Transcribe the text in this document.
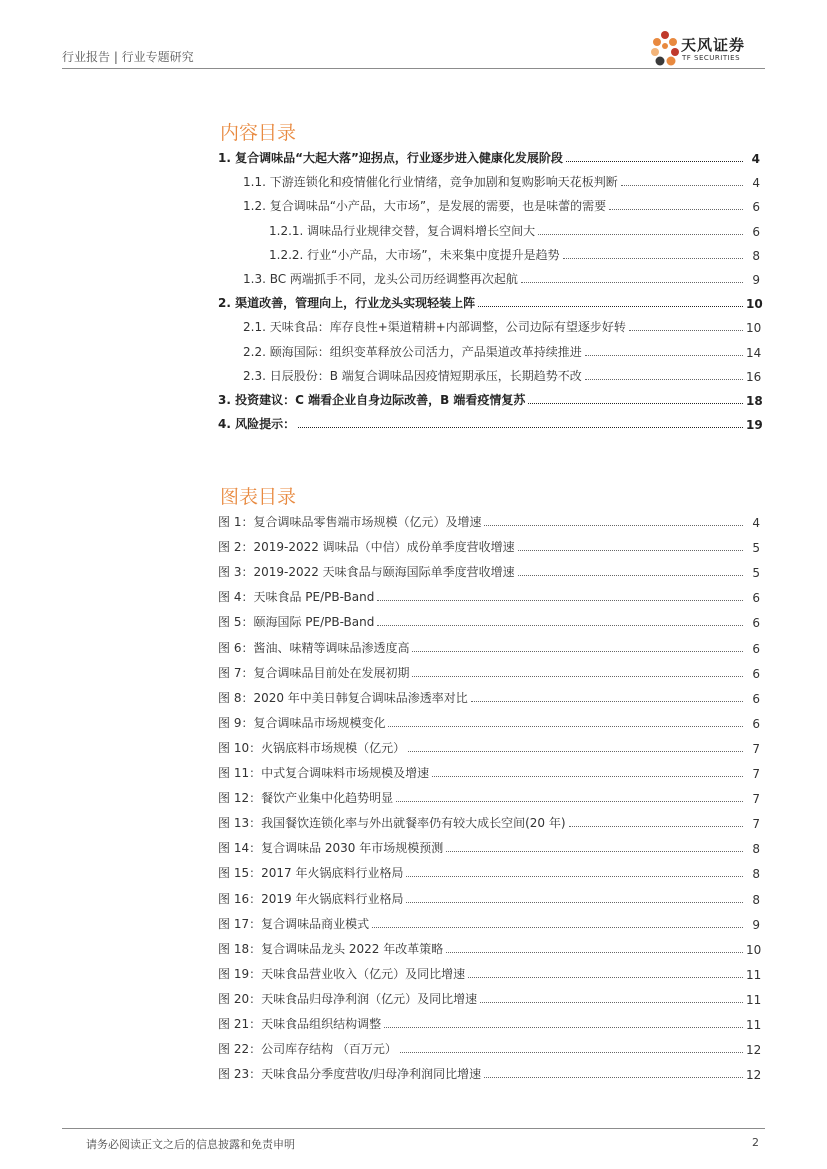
行业报告 | 行业专题研究
天风证券
TF SECURITIES
内容目录
1. 复合调味品“大起大落”迎拐点，行业逐步进入健康化发展阶段	4
1.1. 下游连锁化和疫情催化行业情绪，竞争加剧和复购影响天花板判断	4
1.2. 复合调味品“小产品，大市场”，是发展的需要，也是味蕾的需要	6
1.2.1. 调味品行业规律交替，复合调料增长空间大	6
1.2.2. 行业“小产品，大市场”，未来集中度提升是趋势	8
1.3. BC 两端抓手不同，龙头公司历经调整再次起航	9
2. 渠道改善，管理向上，行业龙头实现轻装上阵	10
2.1. 天味食品：库存良性+渠道精耕+内部调整，公司边际有望逐步好转	10
2.2. 颐海国际：组织变革释放公司活力，产品渠道改革持续推进	14
2.3. 日辰股份：B 端复合调味品因疫情短期承压，长期趋势不改	16
3. 投资建议：C 端看企业自身边际改善，B 端看疫情复苏	18
4. 风险提示：	19
图表目录
图 1：复合调味品零售端市场规模（亿元）及增速	4
图 2：2019-2022 调味品（中信）成份单季度营收增速	5
图 3：2019-2022 天味食品与颐海国际单季度营收增速	5
图 4：天味食品 PE/PB-Band	6
图 5：颐海国际 PE/PB-Band	6
图 6：酱油、味精等调味品渗透度高	6
图 7：复合调味品目前处在发展初期	6
图 8：2020 年中美日韩复合调味品渗透率对比	6
图 9：复合调味品市场规模变化	6
图 10：火锅底料市场规模（亿元）	7
图 11：中式复合调味料市场规模及增速	7
图 12：餐饮产业集中化趋势明显	7
图 13：我国餐饮连锁化率与外出就餐率仍有较大成长空间(20 年)	7
图 14：复合调味品 2030 年市场规模预测	8
图 15：2017 年火锅底料行业格局	8
图 16：2019 年火锅底料行业格局	8
图 17：复合调味品商业模式	9
图 18：复合调味品龙头 2022 年改革策略	10
图 19：天味食品营业收入（亿元）及同比增速	11
图 20：天味食品归母净利润（亿元）及同比增速	11
图 21：天味食品组织结构调整	11
图 22：公司库存结构 （百万元）	12
图 23：天味食品分季度营收/归母净利润同比增速	12
请务必阅读正文之后的信息披露和免责申明	2
